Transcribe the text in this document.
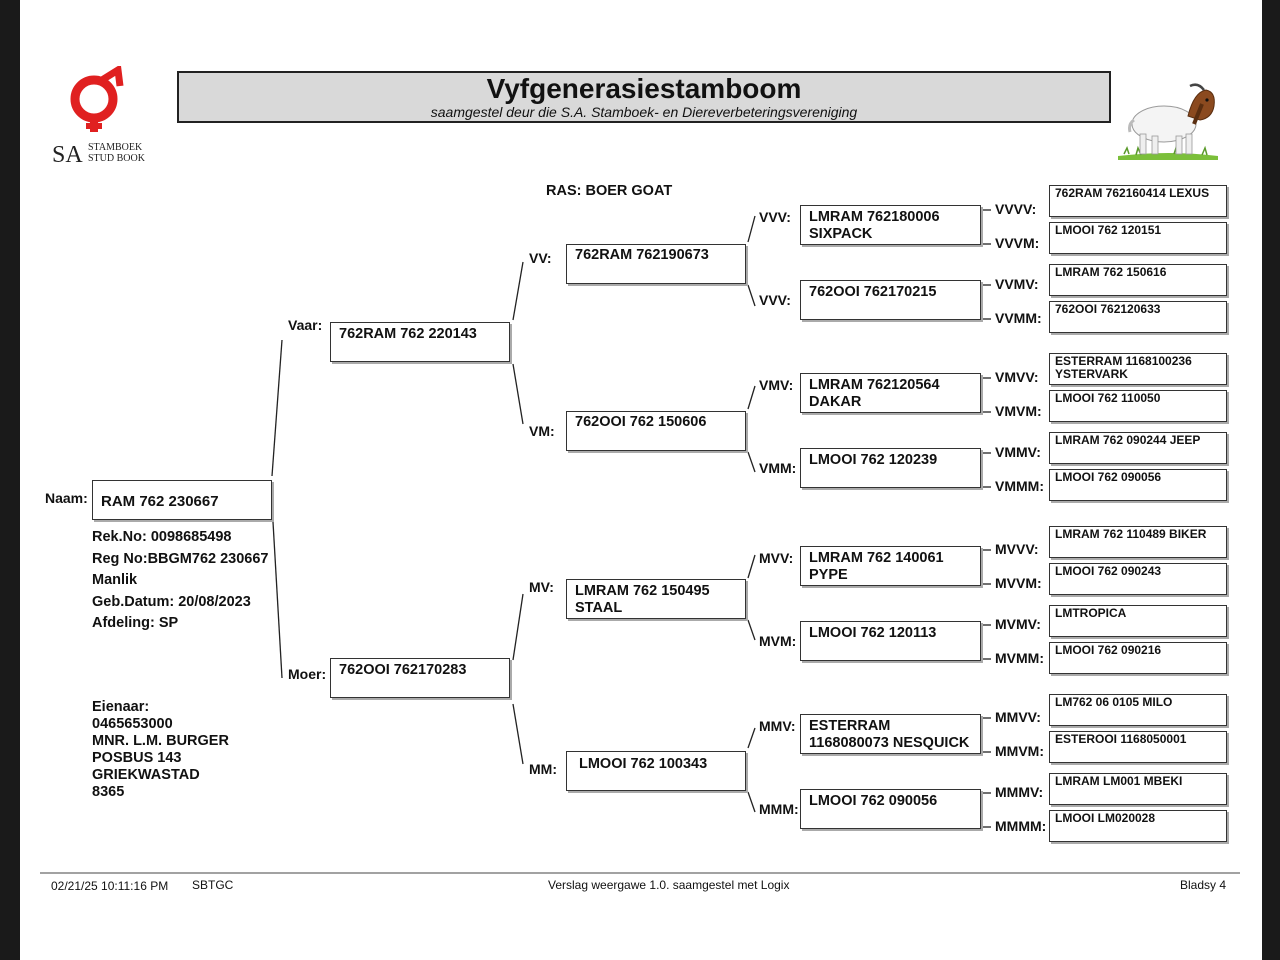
SA STAMBOEK
STUD BOOK
Vyfgenerasiestamboom
saamgestel deur die S.A. Stamboek- en Diereverbeteringsvereniging
RAS: BOER GOAT
Naam: RAM 762 230667
Rek.No: 0098685498
Reg No:BBGM762 230667
Manlik
Geb.Datum: 20/08/2023
Afdeling: SP
Eienaar:
0465653000
MNR. L.M. BURGER
POSBUS 143
GRIEKWASTAD
8365
Vaar:
762RAM 762 220143
Moer: 762OOI 762170283
VV:	762RAM 762190673
VM:
762OOI 762 150606
MV:	LMRAM 762 150495
STAAL
MM:	LMOOI 762 100343
VVV:	LMRAM 762180006
SIXPACK
VVV:	762OOI 762170215
VMV:	LMRAM 762120564
DAKAR
VMM: LMOOI 762 120239
MVV:	LMRAM 762 140061
PYPE
MVM: LMOOI 762 120113
MMV: ESTERRAM
1168080073 NESQUICK
MMM: LMOOI 762 090056
VVVV:
VVVM:
VVMV:
VVMM:
VMVV:
VMVM:
VMMV:
VMMM:
MVVV:
MVVM:
MVMV:
MVMM:
MMVV:
MMVM:
MMMV:
MMMM:
762RAM 762160414 LEXUS
LMOOI 762 120151
LMRAM 762 150616
762OOI 762120633
ESTERRAM 1168100236
YSTERVARK
LMOOI 762 110050
LMRAM 762 090244 JEEP
LMOOI 762 090056
LMRAM 762 110489 BIKER
LMOOI 762 090243
LMTROPICA
LMOOI 762 090216
LM762 06 0105 MILO
ESTEROOI 1168050001
LMRAM LM001 MBEKI
LMOOI LM020028
02/21/25 10:11:16 PM SBTGC	Verslag weergawe 1.0. saamgestel met Logix	Bladsy 4
